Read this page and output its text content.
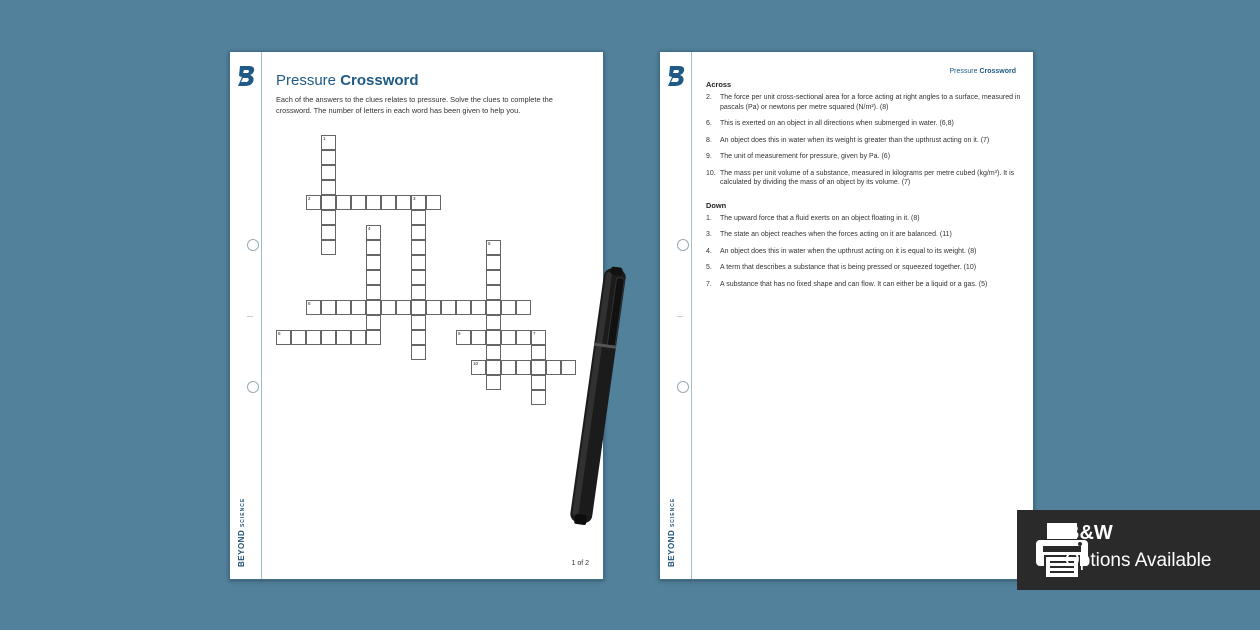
BEYOND SCIENCE
Pressure Crossword
Each of the answers to the clues relates to pressure. Solve the clues to complete the crossword. The number of letters in each word has been given to help you.
1
2	3
4
5
6
7
8	9
10
1 of 2	BEYOND SCIENCE
Pressure Crossword
Across
2. The force per unit cross-sectional area for a force acting at right angles to a surface, measured in pascals (Pa) or newtons per metre squared (N/m²). (8)
6. This is exerted on an object in all directions when submerged in water. (6,8)
8. An object does this in water when its weight is greater than the upthrust acting on it. (7)
9. The unit of measurement for pressure, given by Pa. (6)
10. The mass per unit volume of a substance, measured in kilograms per metre cubed (kg/m³). It is calculated by dividing the mass of an object by its volume. (7)
Down
1. The upward force that a fluid exerts on an object floating in it. (8)
3. The state an object reaches when the forces acting on it are balanced. (11)
4. An object does this in water when the upthrust acting on it is equal to its weight. (8)
5. A term that describes a substance that is being pressed or squeezed together. (10)
7. A substance that has no fixed shape and can flow. It can either be a liquid or a gas. (5)
B&W
Options Available
